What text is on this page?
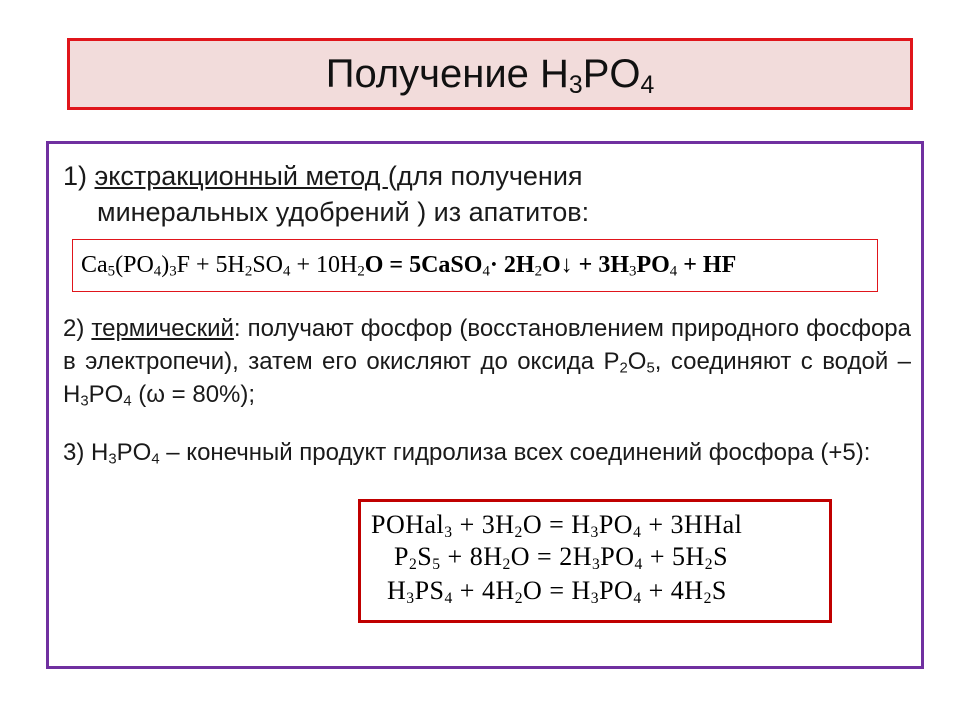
Получение $H_3PO_4$
1) экстракционный метод (для получения
минеральных удобрений ) из апатитов:
2) термический: получают фосфор (восстановлением природного фосфора в электропечи), затем его окисляют до оксида $P_2O_5$, соединяют с водой – $H_3PO_4$ (ω = 80%);
3) $H_3PO_4$ – конечный продукт гидролиза всех соединений фосфора (+5):
$Ca_5(PO_4)_3F + 5H_2SO_4 + 10H_2O$ = 5CaSO$_4$· $2H_2O↓ + 3H_3PO_4$ + HF
POHal$_3$ + $3H_2O = H_3PO_4$ + 3HHal
$P_2S_5 + 8H_2O = 2H_3PO_4 + 5H_2S$
$H_3PS_4 + 4H_2O = H_3PO_4 + 4H_2S$
